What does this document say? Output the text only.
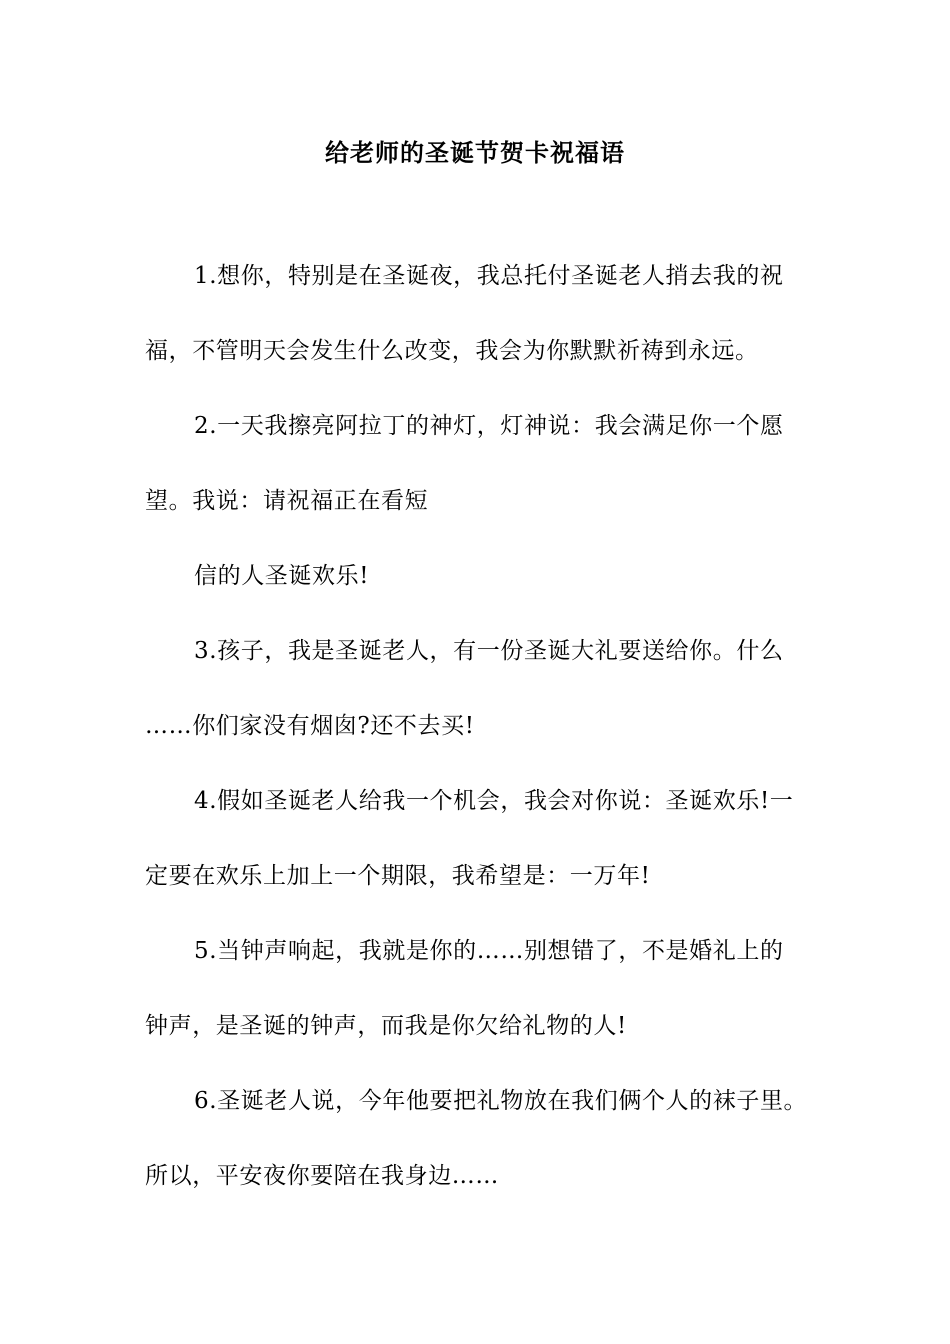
给老师的圣诞节贺卡祝福语
1.想你，特别是在圣诞夜，我总托付圣诞老人捎去我的祝
福，不管明天会发生什么改变，我会为你默默祈祷到永远。
2.一天我擦亮阿拉丁的神灯，灯神说：我会满足你一个愿
望。我说：请祝福正在看短
信的人圣诞欢乐!
3.孩子，我是圣诞老人，有一份圣诞大礼要送给你。什么
……你们家没有烟囱?还不去买!
4.假如圣诞老人给我一个机会，我会对你说：圣诞欢乐!一
定要在欢乐上加上一个期限，我希望是：一万年!
5.当钟声响起，我就是你的……别想错了，不是婚礼上的
钟声，是圣诞的钟声，而我是你欠给礼物的人!
6.圣诞老人说，今年他要把礼物放在我们俩个人的袜子里。
所以，平安夜你要陪在我身边……
